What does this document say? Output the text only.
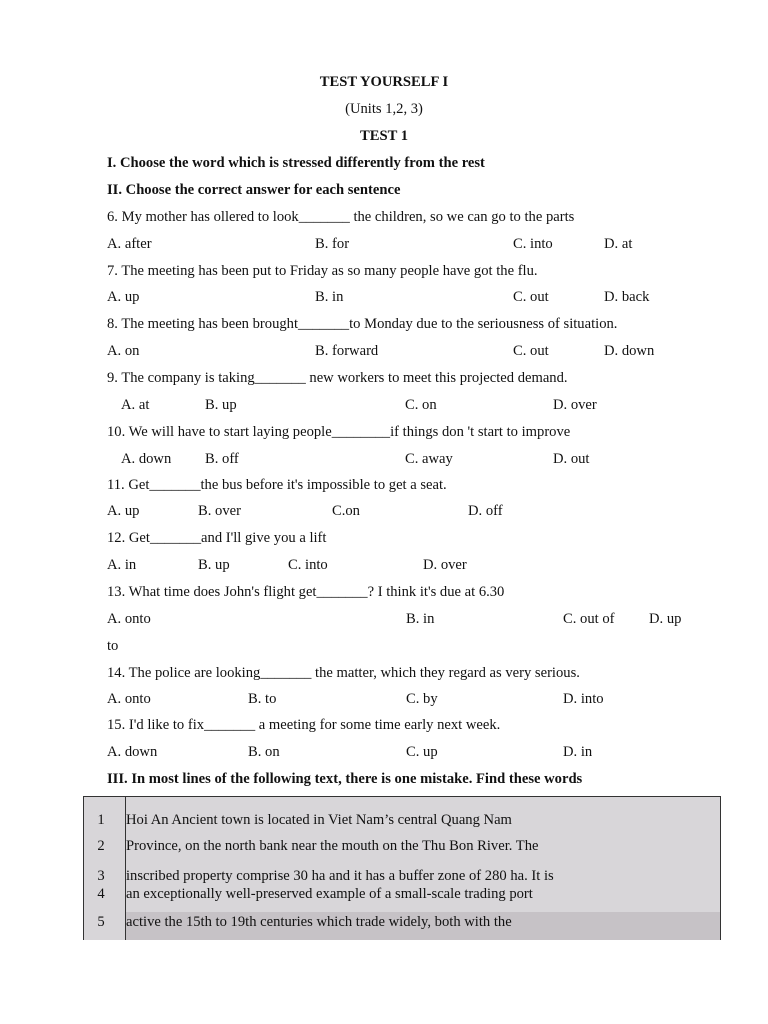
TEST YOURSELF I
(Units 1,2, 3)
TEST 1
I. Choose the word which is stressed differently from the rest
II. Choose the correct answer for each sentence
6. My mother has ollered to look_______ the children, so we can go to the parts
A. after	B. for	C. into	D. at
7. The meeting has been put to Friday as so many people have got the flu.
A. up	B. in	C. out	D. back
8. The meeting has been brought_______to Monday due to the seriousness of situation.
A. on	B. forward	C. out	D. down
9. The company is taking_______ new workers to meet this projected demand.
A. at	B. up	C. on	D. over
10. We will have to start laying people________if things don 't start to improve
A. down B. off	C. away	D. out
11. Get_______the bus before it's impossible to get a seat.
A. up	B. over	C.on	D. off
12. Get_______and I'll give you a lift
A. in	B. up	C. into	D. over
13. What time does John's flight get_______? I think it's due at 6.30
A. onto	B. in	C. out of D. up
to
14. The police are looking_______ the matter, which they regard as very serious.
A. onto	B. to	C. by	D. into
15. I'd like to fix_______ a meeting for some time early next week.
A. down	B. on	C. up	D. in
III. In most lines of the following text, there is one mistake. Find these words
1	Hoi An Ancient town is located in Viet Nam’s central Quang Nam
2	Province, on the north bank near the mouth on the Thu Bon River. The
3	inscribed property comprise 30 ha and it has a buffer zone of 280 ha. It is
4	an exceptionally well-preserved example of a small-scale trading port
5	active the 15th to 19th centuries which trade widely, both with the
